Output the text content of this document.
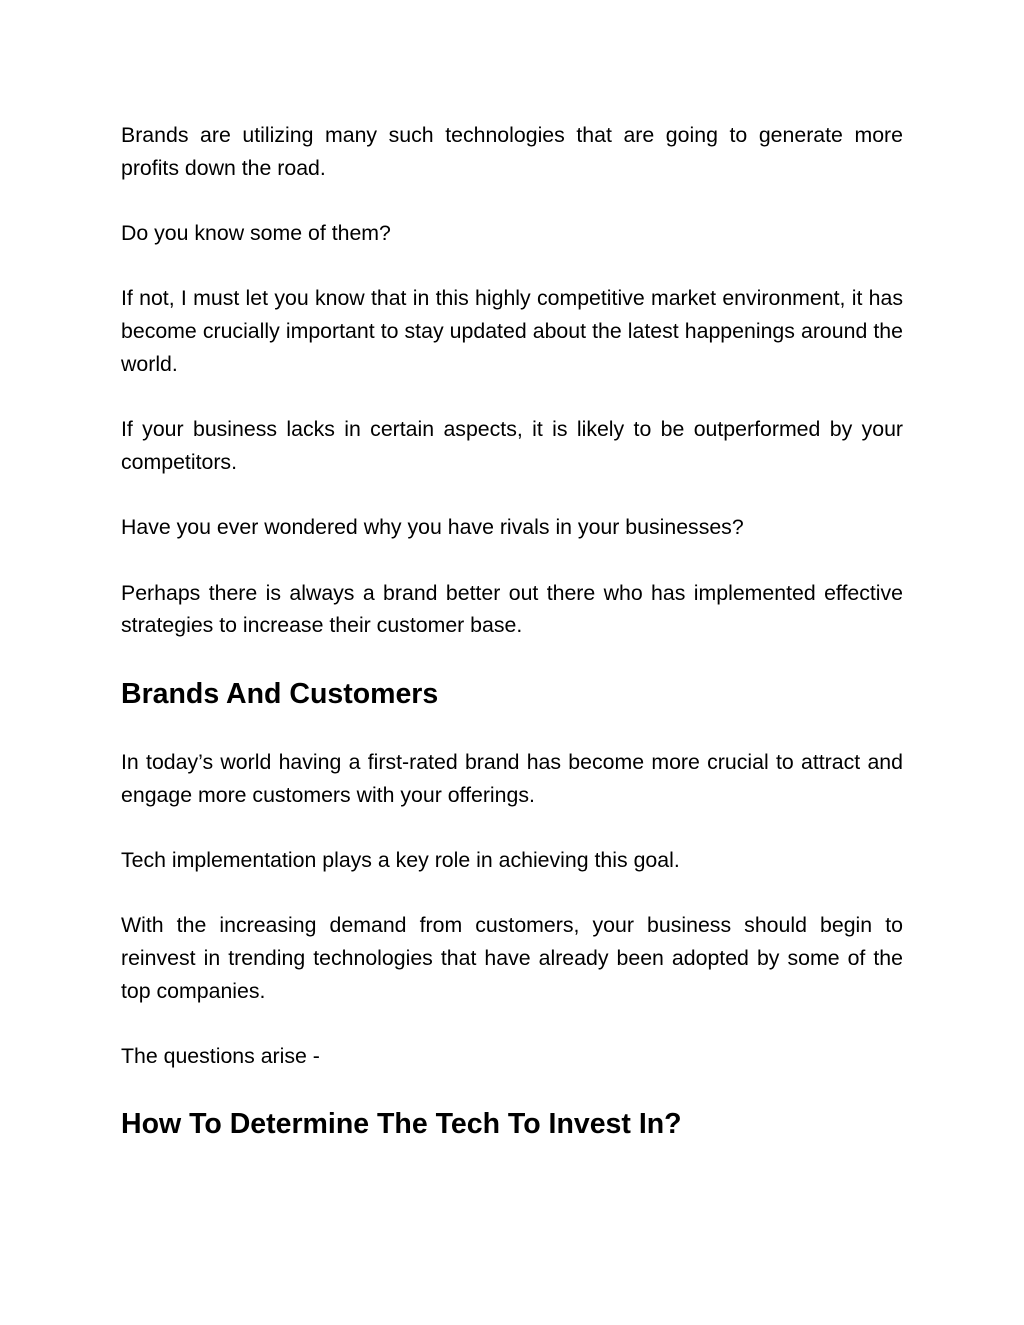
Brands are utilizing many such technologies that are going to generate more profits down the road.

Do you know some of them?

If not, I must let you know that in this highly competitive market environment, it has become crucially important to stay updated about the latest happenings around the world.

If your business lacks in certain aspects, it is likely to be outperformed by your competitors.

Have you ever wondered why you have rivals in your businesses?

Perhaps there is always a brand better out there who has implemented effective strategies to increase their customer base.

Brands And Customers

In today’s world having a first-rated brand has become more crucial to attract and engage more customers with your offerings.

Tech implementation plays a key role in achieving this goal.

With the increasing demand from customers, your business should begin to reinvest in trending technologies that have already been adopted by some of the top companies.

The questions arise -

How To Determine The Tech To Invest In?
